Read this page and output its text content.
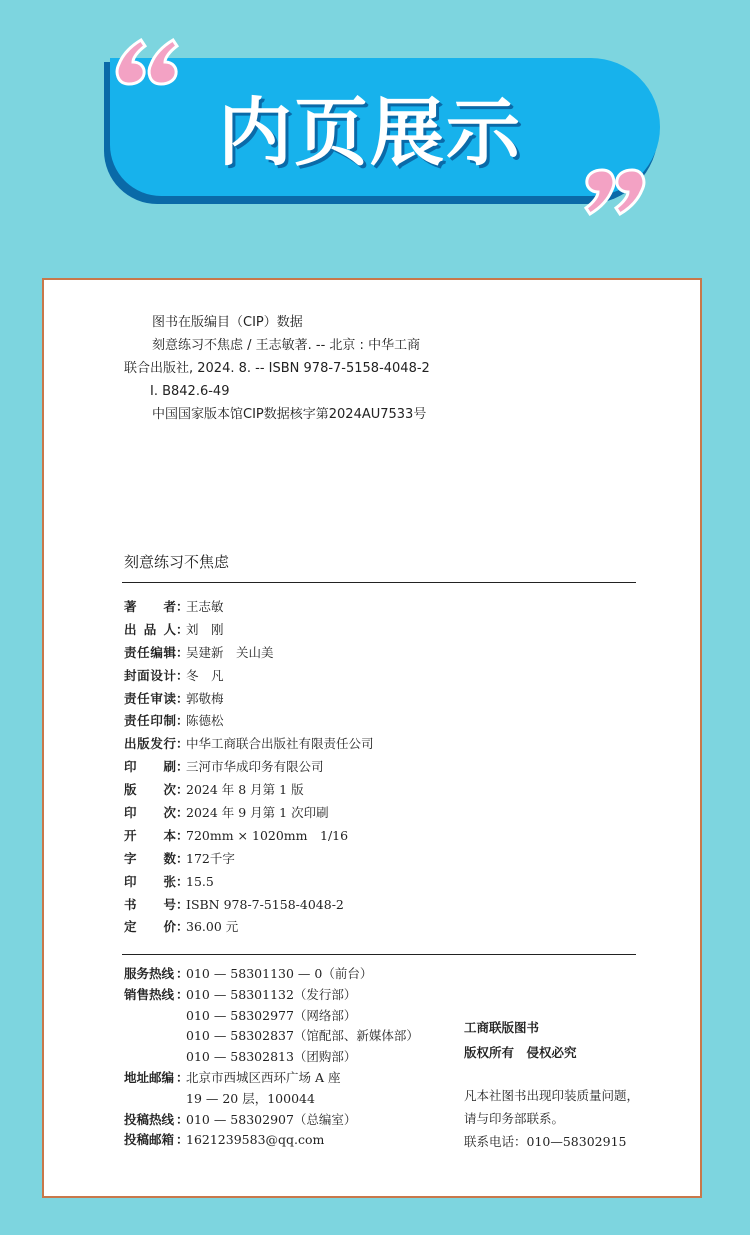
内页展示
图书在版编目（CIP）数据
刻意练习不焦虑 / 王志敏著. -- 北京 : 中华工商
联合出版社, 2024. 8. -- ISBN 978-7-5158-4048-2
Ⅰ. B842.6-49
中国国家版本馆CIP数据核字第2024AU7533号
刻意练习不焦虑
著者 ：
王志敏
出品人 ：
刘　刚
责任编辑 ：
吴建新　关山美
封面设计 ：
冬　凡
责任审读 ：
郭敬梅
责任印制 ：
陈德松
出版发行 ：
中华工商联合出版社有限责任公司
印刷 ：
三河市华成印务有限公司
版次 ：
2024 年 8 月第 1 版
印次 ：
2024 年 9 月第 1 次印刷
开本 ：
720mm × 1020mm　1/16
字数 ：
172千字
印张 ：
15.5
书号 ：
ISBN 978-7-5158-4048-2
定价 ：
36.00 元
服务热线 ：
010 — 58301130 — 0（前台）
销售热线 ：
010 — 58301132（发行部）
010 — 58302977（网络部）
010 — 58302837（馆配部、新媒体部）
010 — 58302813（团购部）
地址邮编 ：
北京市西城区西环广场 A 座
19 — 20 层，100044
投稿热线 ：
010 — 58302907（总编室）
投稿邮箱 ：
1621239583@qq.com
工商联版图书
版权所有　侵权必究
凡本社图书出现印装质量问题，
请与印务部联系。
联系电话：010—58302915
